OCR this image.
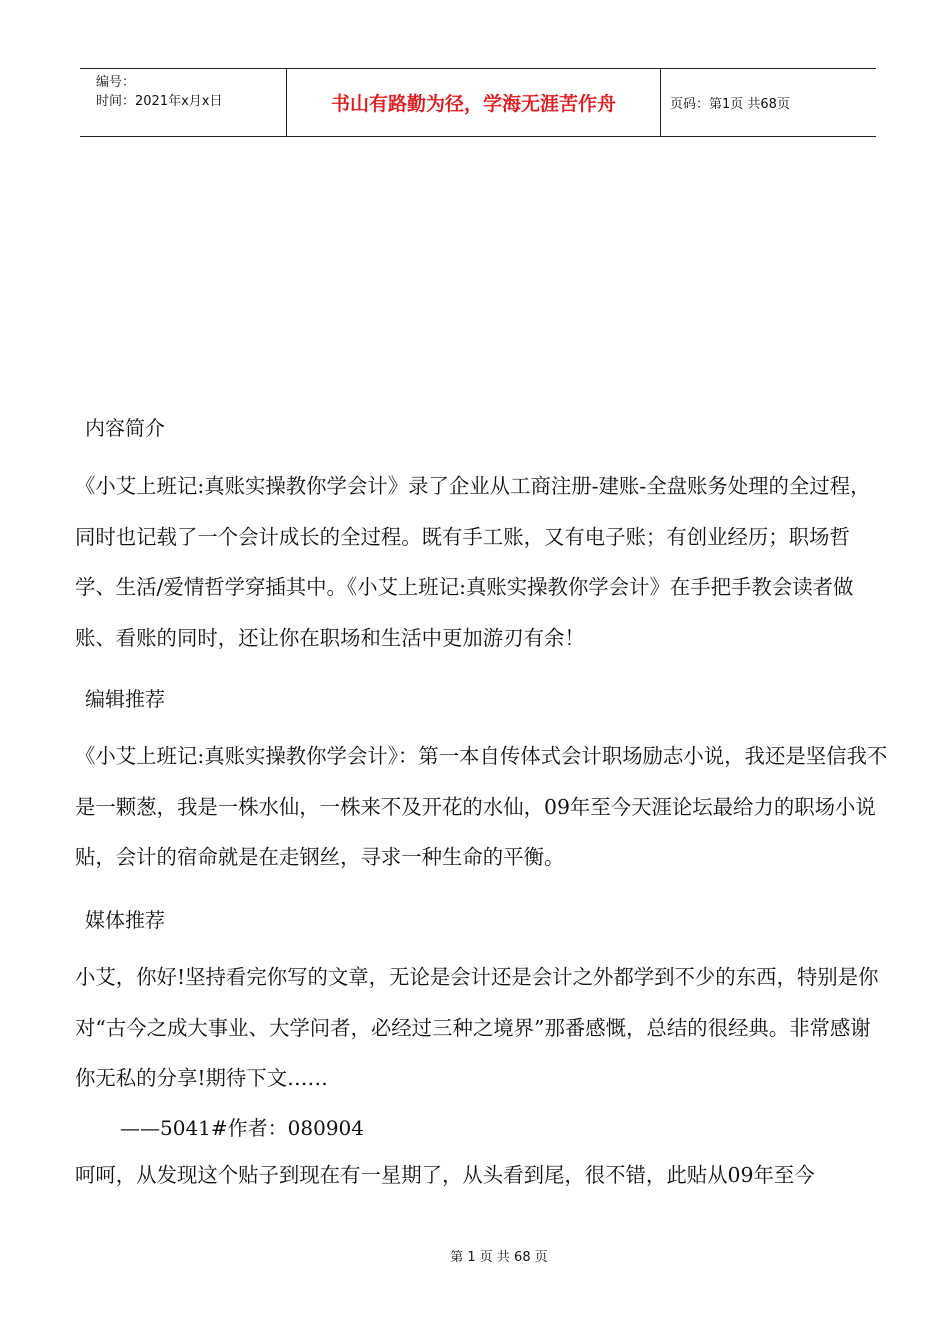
编号：
时间：2021年x月x日	书山有路勤为径，学海无涯苦作舟	页码：第1页 共68页
内容简介

《小艾上班记:真账实操教你学会计》录了企业从工商注册-建账-全盘账务处理的全过程，同时也记载了一个会计成长的全过程。既有手工账，又有电子账；有创业经历；职场哲学、生活/爱情哲学穿插其中。《小艾上班记:真账实操教你学会计》在手把手教会读者做账、看账的同时，还让你在职场和生活中更加游刃有余！

编辑推荐

《小艾上班记:真账实操教你学会计》：第一本自传体式会计职场励志小说，我还是坚信我不是一颗葱，我是一株水仙，一株来不及开花的水仙，09年至今天涯论坛最给力的职场小说贴，会计的宿命就是在走钢丝，寻求一种生命的平衡。

媒体推荐

小艾，你好!坚持看完你写的文章，无论是会计还是会计之外都学到不少的东西，特别是你对“古今之成大事业、大学问者，必经过三种之境界”那番感慨，总结的很经典。非常感谢你无私的分享!期待下文……

——5041#作者：080904

呵呵，从发现这个贴子到现在有一星期了，从头看到尾，很不错，此贴从09年至今

第 1 页 共 68 页
